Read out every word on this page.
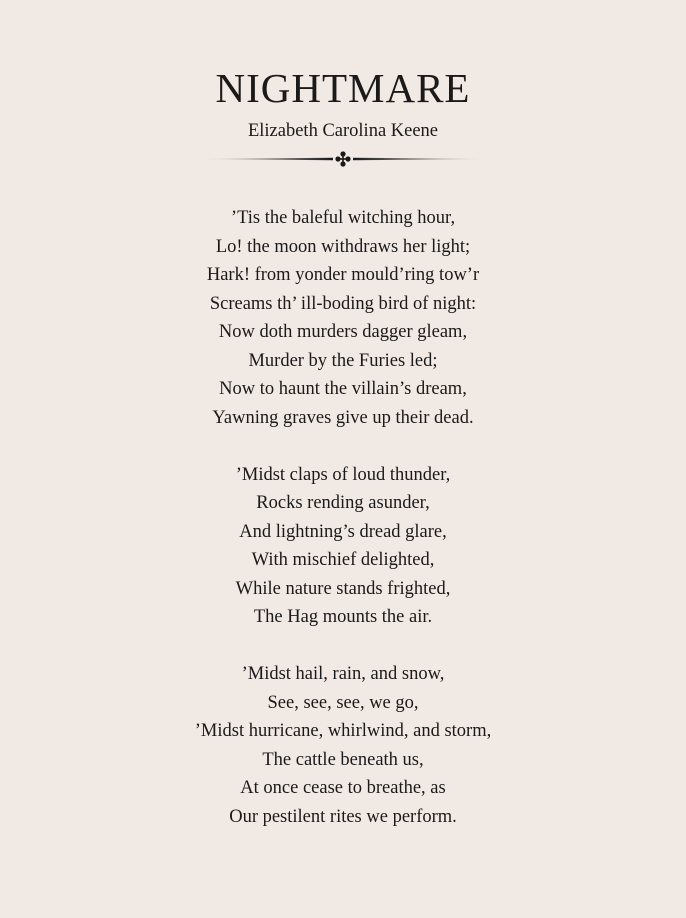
NIGHTMARE
Elizabeth Carolina Keene
’Tis the baleful witching hour,
Lo! the moon withdraws her light;
Hark! from yonder mould’ring tow’r
Screams th’ ill-boding bird of night:
Now doth murders dagger gleam,
Murder by the Furies led;
Now to haunt the villain’s dream,
Yawning graves give up their dead.
’Midst claps of loud thunder,
Rocks rending asunder,
And lightning’s dread glare,
With mischief delighted,
While nature stands frighted,
The Hag mounts the air.
’Midst hail, rain, and snow,
See, see, see, we go,
’Midst hurricane, whirlwind, and storm,
The cattle beneath us,
At once cease to breathe, as
Our pestilent rites we perform.
